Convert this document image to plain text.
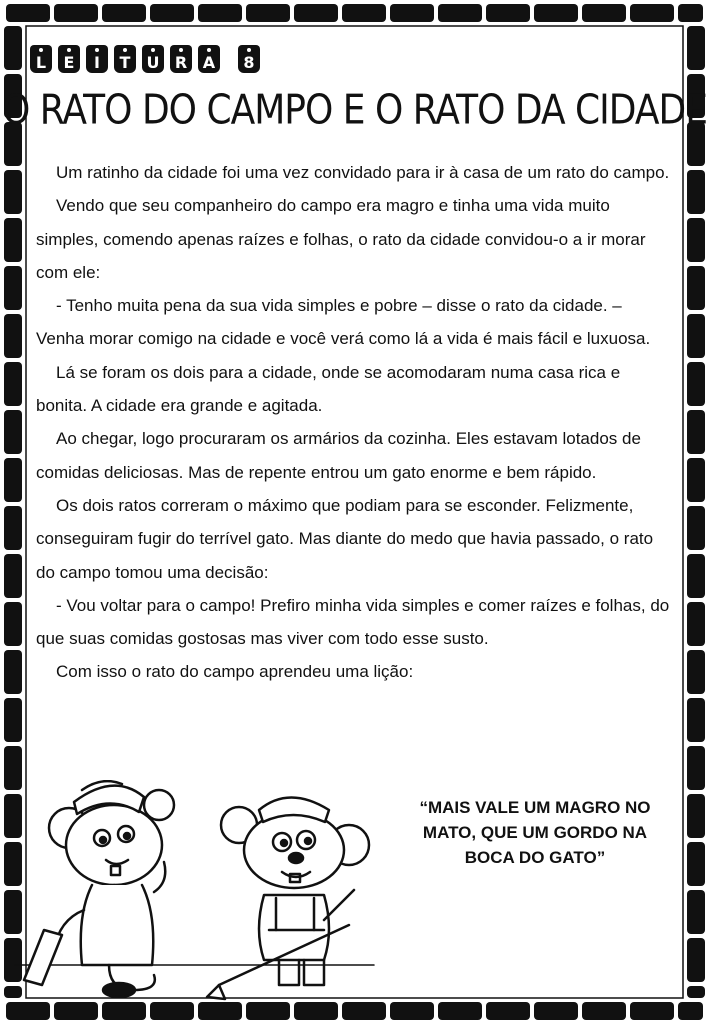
L E I T U R A 8
O RATO DO CAMPO E O RATO DA CIDADE

Um ratinho da cidade foi uma vez convidado para ir à casa de um rato do campo.

Vendo que seu companheiro do campo era magro e tinha uma vida muito simples, comendo apenas raízes e folhas, o rato da cidade convidou-o a ir morar com ele:

- Tenho muita pena da sua vida simples e pobre – disse o rato da cidade. – Venha morar comigo na cidade e você verá como lá a vida é mais fácil e luxuosa.

Lá se foram os dois para a cidade, onde se acomodaram numa casa rica e bonita. A cidade era grande e agitada.

Ao chegar, logo procuraram os armários da cozinha. Eles estavam lotados de comidas deliciosas. Mas de repente entrou um gato enorme e bem rápido.

Os dois ratos correram o máximo que podiam para se esconder. Felizmente, conseguiram fugir do terrível gato. Mas diante do medo que havia passado, o rato do campo tomou uma decisão:

- Vou voltar para o campo! Prefiro minha vida simples e comer raízes e folhas, do que suas comidas gostosas mas viver com todo esse susto.

Com isso o rato do campo aprendeu uma lição:

“MAIS VALE UM MAGRO NO MATO, QUE UM GORDO NA BOCA DO GATO”
